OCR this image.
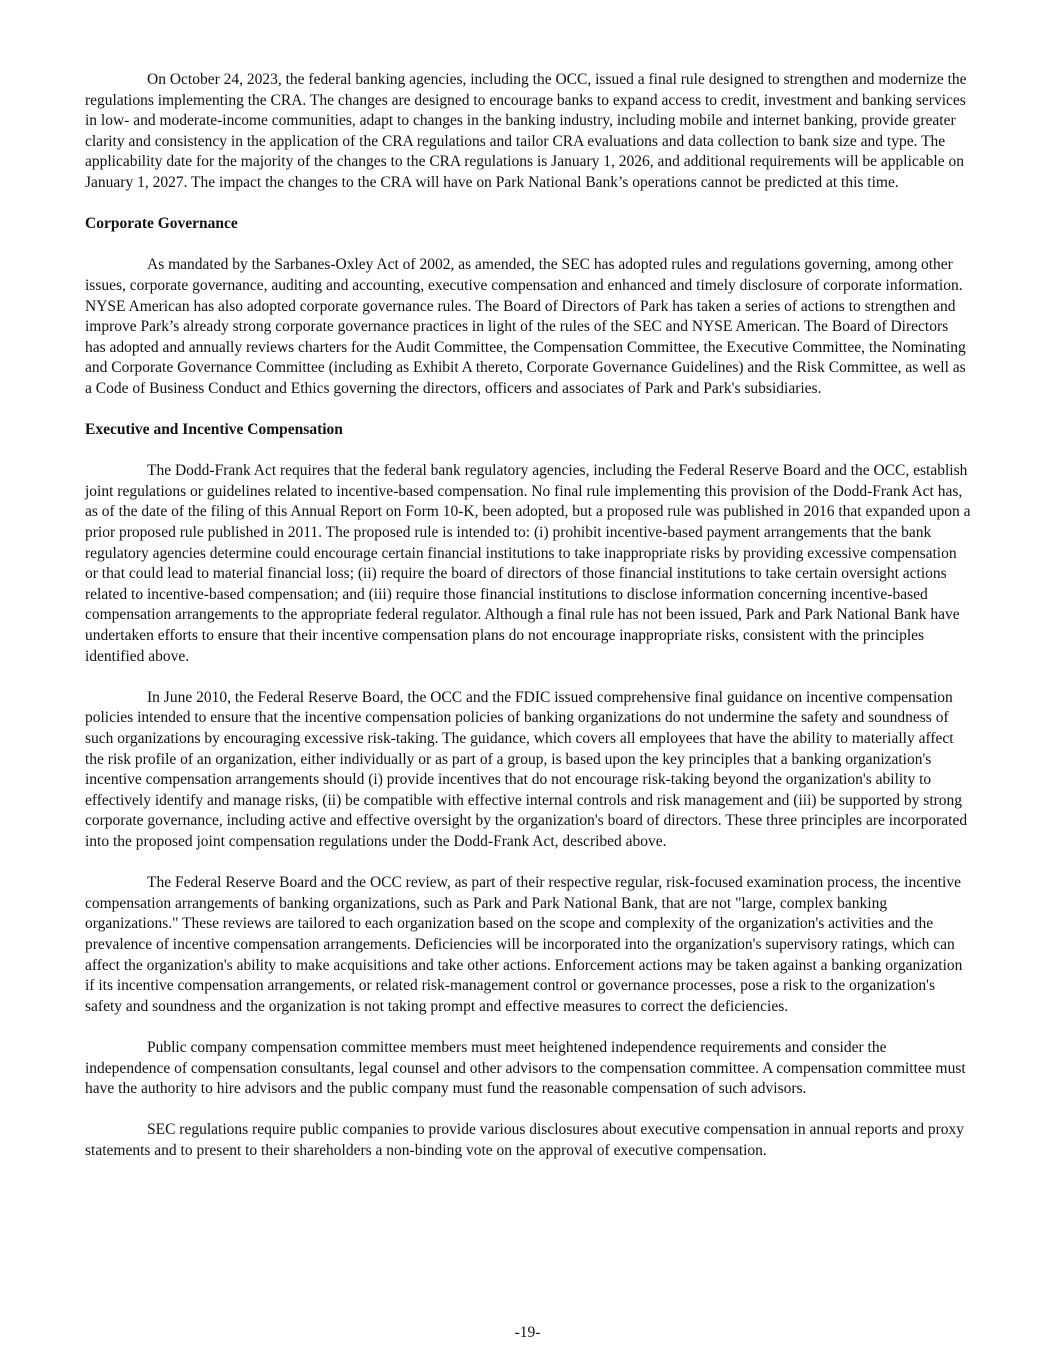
On October 24, 2023, the federal banking agencies, including the OCC, issued a final rule designed to strengthen and modernize the regulations implementing the CRA. The changes are designed to encourage banks to expand access to credit, investment and banking services in low- and moderate-income communities, adapt to changes in the banking industry, including mobile and internet banking, provide greater clarity and consistency in the application of the CRA regulations and tailor CRA evaluations and data collection to bank size and type. The applicability date for the majority of the changes to the CRA regulations is January 1, 2026, and additional requirements will be applicable on January 1, 2027. The impact the changes to the CRA will have on Park National Bank’s operations cannot be predicted at this time.

Corporate Governance

As mandated by the Sarbanes-Oxley Act of 2002, as amended, the SEC has adopted rules and regulations governing, among other issues, corporate governance, auditing and accounting, executive compensation and enhanced and timely disclosure of corporate information. NYSE American has also adopted corporate governance rules. The Board of Directors of Park has taken a series of actions to strengthen and improve Park’s already strong corporate governance practices in light of the rules of the SEC and NYSE American. The Board of Directors has adopted and annually reviews charters for the Audit Committee, the Compensation Committee, the Executive Committee, the Nominating and Corporate Governance Committee (including as Exhibit A thereto, Corporate Governance Guidelines) and the Risk Committee, as well as a Code of Business Conduct and Ethics governing the directors, officers and associates of Park and Park's subsidiaries.

Executive and Incentive Compensation

The Dodd-Frank Act requires that the federal bank regulatory agencies, including the Federal Reserve Board and the OCC, establish joint regulations or guidelines related to incentive-based compensation. No final rule implementing this provision of the Dodd-Frank Act has, as of the date of the filing of this Annual Report on Form 10-K, been adopted, but a proposed rule was published in 2016 that expanded upon a prior proposed rule published in 2011. The proposed rule is intended to: (i) prohibit incentive-based payment arrangements that the bank regulatory agencies determine could encourage certain financial institutions to take inappropriate risks by providing excessive compensation or that could lead to material financial loss; (ii) require the board of directors of those financial institutions to take certain oversight actions related to incentive-based compensation; and (iii) require those financial institutions to disclose information concerning incentive-based compensation arrangements to the appropriate federal regulator. Although a final rule has not been issued, Park and Park National Bank have undertaken efforts to ensure that their incentive compensation plans do not encourage inappropriate risks, consistent with the principles identified above.

In June 2010, the Federal Reserve Board, the OCC and the FDIC issued comprehensive final guidance on incentive compensation policies intended to ensure that the incentive compensation policies of banking organizations do not undermine the safety and soundness of such organizations by encouraging excessive risk-taking. The guidance, which covers all employees that have the ability to materially affect the risk profile of an organization, either individually or as part of a group, is based upon the key principles that a banking organization's incentive compensation arrangements should (i) provide incentives that do not encourage risk-taking beyond the organization's ability to effectively identify and manage risks, (ii) be compatible with effective internal controls and risk management and (iii) be supported by strong corporate governance, including active and effective oversight by the organization's board of directors. These three principles are incorporated into the proposed joint compensation regulations under the Dodd-Frank Act, described above.

The Federal Reserve Board and the OCC review, as part of their respective regular, risk-focused examination process, the incentive compensation arrangements of banking organizations, such as Park and Park National Bank, that are not "large, complex banking organizations." These reviews are tailored to each organization based on the scope and complexity of the organization's activities and the prevalence of incentive compensation arrangements. Deficiencies will be incorporated into the organization's supervisory ratings, which can affect the organization's ability to make acquisitions and take other actions. Enforcement actions may be taken against a banking organization if its incentive compensation arrangements, or related risk-management control or governance processes, pose a risk to the organization's safety and soundness and the organization is not taking prompt and effective measures to correct the deficiencies.

Public company compensation committee members must meet heightened independence requirements and consider the independence of compensation consultants, legal counsel and other advisors to the compensation committee. A compensation committee must have the authority to hire advisors and the public company must fund the reasonable compensation of such advisors.

SEC regulations require public companies to provide various disclosures about executive compensation in annual reports and proxy statements and to present to their shareholders a non-binding vote on the approval of executive compensation.

-19-
